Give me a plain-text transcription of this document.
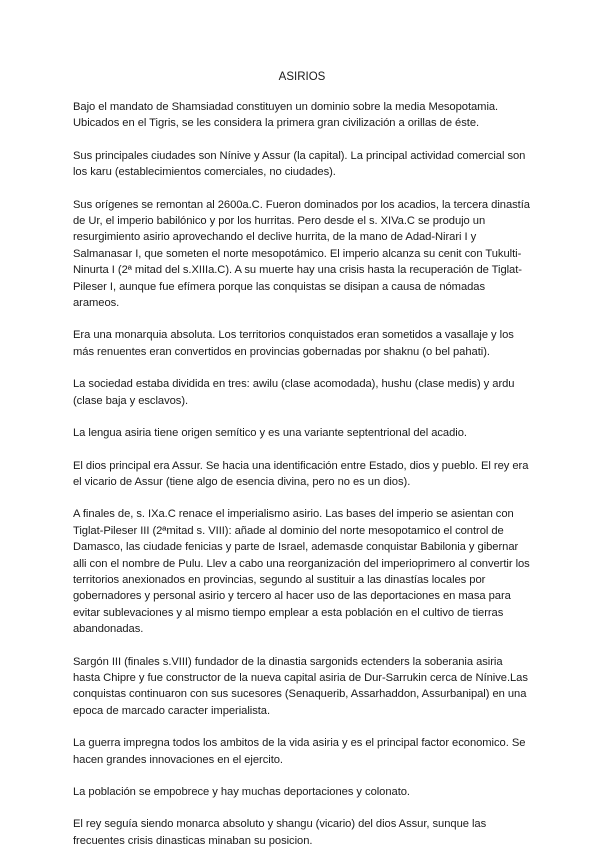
ASIRIOS

Bajo el mandato de Shamsiadad constituyen un dominio sobre la media Mesopotamia. Ubicados en el Tigris, se les considera la primera gran civilización a orillas de éste.

Sus principales ciudades son Nínive y Assur (la capital). La principal actividad comercial son los karu (establecimientos comerciales, no ciudades).

Sus orígenes se remontan al 2600a.C. Fueron dominados por los acadios, la tercera dinastía de Ur, el imperio babilónico y por los hurritas. Pero desde el s. XIVa.C se produjo un resurgimiento asirio aprovechando el declive hurrita, de la mano de Adad-Nirari I y Salmanasar I, que someten el norte mesopotámico. El imperio alcanza su cenit con Tukulti-Ninurta I (2ª mitad del s.XIIIa.C). A su muerte hay una crisis hasta la recuperación de Tiglat-Pileser I, aunque fue efímera porque las conquistas se disipan a causa de nómadas arameos.

Era una monarquia absoluta. Los territorios conquistados eran sometidos a vasallaje y los más renuentes eran convertidos en provincias gobernadas por shaknu (o bel pahati).

La sociedad estaba dividida en tres: awilu (clase acomodada), hushu (clase medis) y ardu (clase baja y esclavos).

La lengua asiria tiene origen semítico y es una variante septentrional del acadio.

El dios principal era Assur. Se hacia una identificación entre Estado, dios y pueblo. El rey era el vicario de Assur (tiene algo de esencia divina, pero no es un dios).

A finales de, s. IXa.C renace el imperialismo asirio. Las bases del imperio se asientan con Tiglat-Pileser III (2ªmitad s. VIII): añade al dominio del norte mesopotamico el control de Damasco, las ciudade fenicias y parte de Israel, ademasde conquistar Babilonia y gibernar alli con el nombre de Pulu. Llev a cabo una reorganización del imperioprimero al convertir los territorios anexionados en provincias, segundo al sustituir a las dinastías locales por gobernadores y personal asirio y tercero al hacer uso de las deportaciones en masa para evitar sublevaciones y al mismo tiempo emplear a esta población en el cultivo de tierras abandonadas.

Sargón III (finales s.VIII) fundador de la dinastia sargonids ectenders la soberania asiria hasta Chipre y fue constructor de la nueva capital asiria de Dur-Sarrukin cerca de Nínive.Las conquistas continuaron con sus sucesores (Senaquerib, Assarhaddon, Assurbanipal) en una epoca de marcado caracter imperialista.

La guerra impregna todos los ambitos de la vida asiria y es el principal factor economico. Se hacen grandes innovaciones en el ejercito.

La población se empobrece y hay muchas deportaciones y colonato.

El rey seguía siendo monarca absoluto y shangu (vicario) del dios Assur, sunque las frecuentes crisis dinasticas minaban su posicion.
